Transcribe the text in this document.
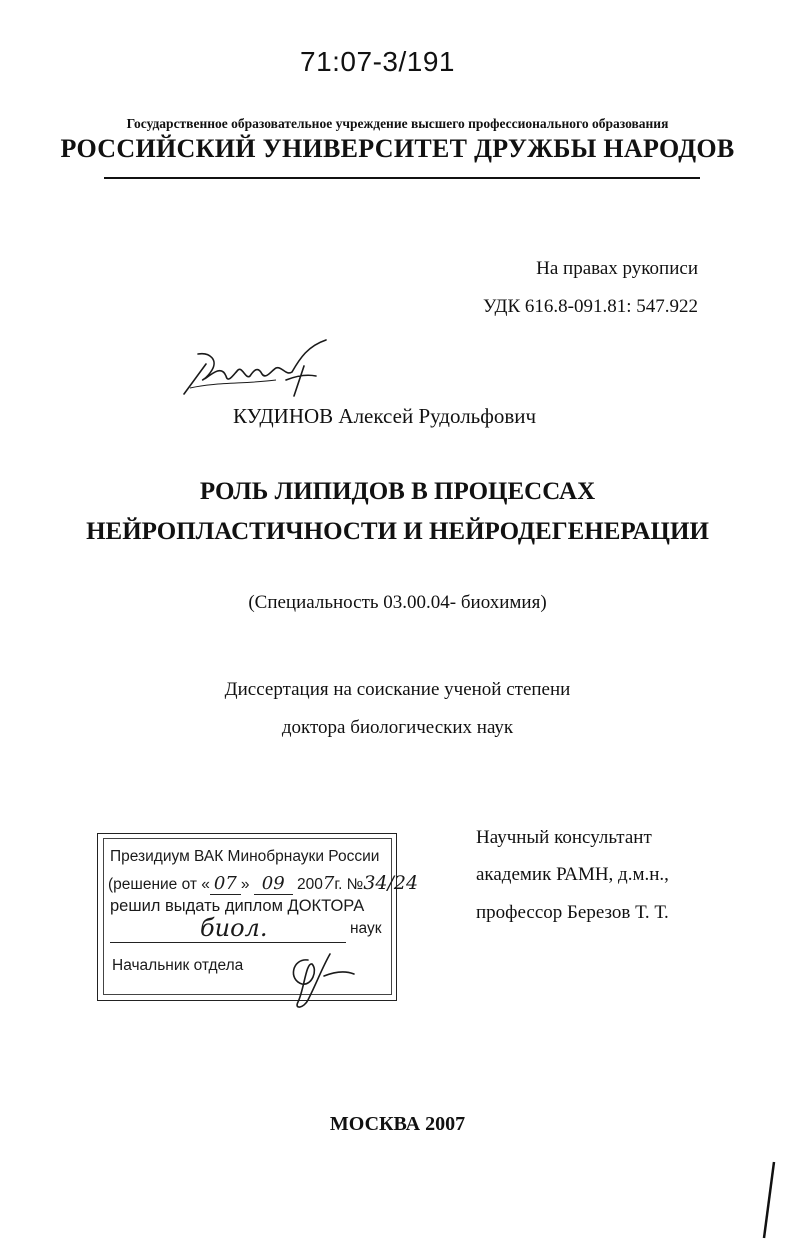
71:07-3/191
Государственное образовательное учреждение высшего профессионального образования
РОССИЙСКИЙ УНИВЕРСИТЕТ ДРУЖБЫ НАРОДОВ
На правах рукописи
УДК 616.8-091.81: 547.922
КУДИНОВ Алексей Рудольфович
РОЛЬ ЛИПИДОВ В ПРОЦЕССАХ
НЕЙРОПЛАСТИЧНОСТИ И НЕЙРОДЕГЕНЕРАЦИИ
(Специальность 03.00.04- биохимия)
Диссертация на соискание ученой степени
доктора биологических наук
Научный консультант
академик РАМН, д.м.н.,
профессор Березов Т. Т.
Президиум ВАК Минобрнауки России
(решение от « 07 » 09 2007г. №34/24
решил выдать диплом ДОКТОРА
биол.	наук
Начальник отдела
МОСКВА 2007
